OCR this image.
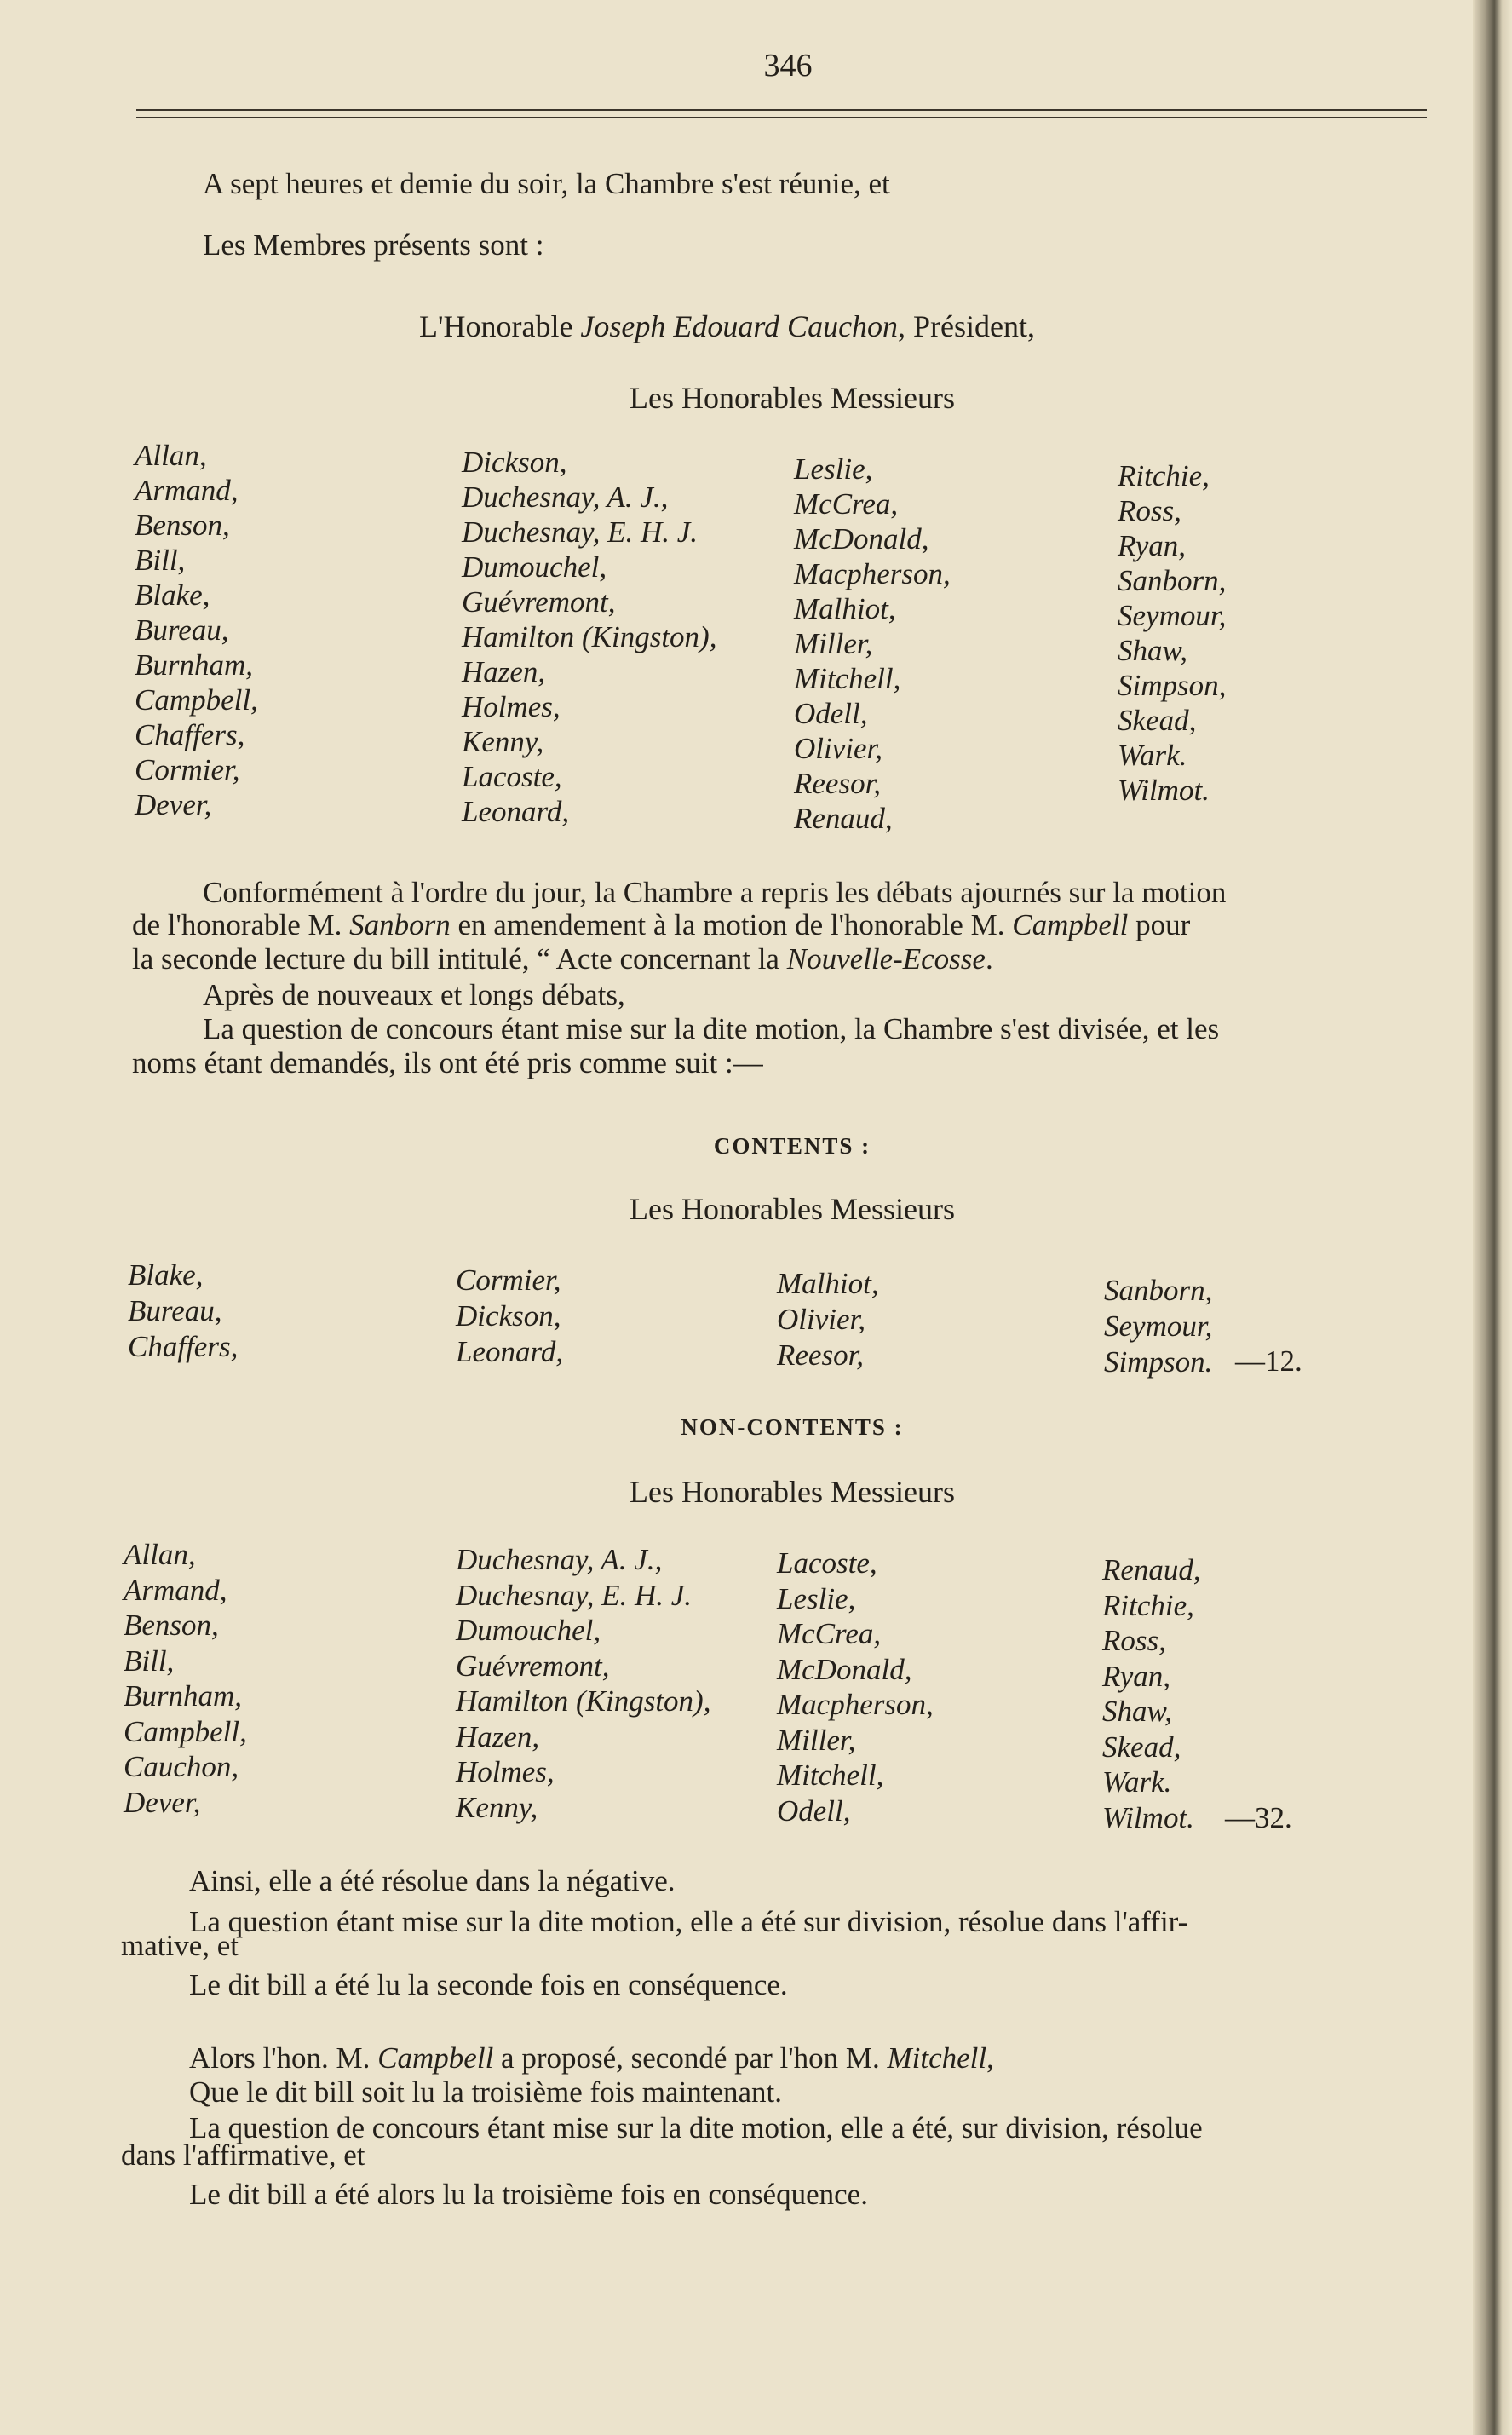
346
A sept heures et demie du soir, la Chambre s'est réunie, et
Les Membres présents sont :
L'Honorable Joseph Edouard Cauchon, Président,
Les Honorables Messieurs
Allan,
Armand,
Benson,
Bill,
Blake,
Bureau,
Burnham,
Campbell,
Chaffers,
Cormier,
Dever,
Dickson,
Duchesnay, A. J.,
Duchesnay, E. H. J.
Dumouchel,
Guévremont,
Hamilton (Kingston),
Hazen,
Holmes,
Kenny,
Lacoste,
Leonard,
Leslie,
McCrea,
McDonald,
Macpherson,
Malhiot,
Miller,
Mitchell,
Odell,
Olivier,
Reesor,
Renaud,
Ritchie,
Ross,
Ryan,
Sanborn,
Seymour,
Shaw,
Simpson,
Skead,
Wark.
Wilmot.
Conformément à l'ordre du jour, la Chambre a repris les débats ajournés sur la motion
de l'honorable M. Sanborn en amendement à la motion de l'honorable M. Campbell pour
la seconde lecture du bill intitulé, “ Acte concernant la Nouvelle-Ecosse.
Après de nouveaux et longs débats,
La question de concours étant mise sur la dite motion, la Chambre s'est divisée, et les
noms étant demandés, ils ont été pris comme suit :—
CONTENTS :
Les Honorables Messieurs
Blake,
Bureau,
Chaffers,
Cormier,
Dickson,
Leonard,
Malhiot,
Olivier,
Reesor,
Sanborn,
Seymour,
Simpson. —12.
NON-CONTENTS :
Les Honorables Messieurs
Allan,
Armand,
Benson,
Bill,
Burnham,
Campbell,
Cauchon,
Dever,
Duchesnay, A. J.,
Duchesnay, E. H. J.
Dumouchel,
Guévremont,
Hamilton (Kingston),
Hazen,
Holmes,
Kenny,
Lacoste,
Leslie,
McCrea,
McDonald,
Macpherson,
Miller,
Mitchell,
Odell,
Renaud,
Ritchie,
Ross,
Ryan,
Shaw,
Skead,
Wark.
Wilmot. —32.
Ainsi, elle a été résolue dans la négative.
La question étant mise sur la dite motion, elle a été sur division, résolue dans l'affir-
mative, et
Le dit bill a été lu la seconde fois en conséquence.
Alors l'hon. M. Campbell a proposé, secondé par l'hon M. Mitchell,
Que le dit bill soit lu la troisième fois maintenant.
La question de concours étant mise sur la dite motion, elle a été, sur division, résolue
dans l'affirmative, et
Le dit bill a été alors lu la troisième fois en conséquence.
